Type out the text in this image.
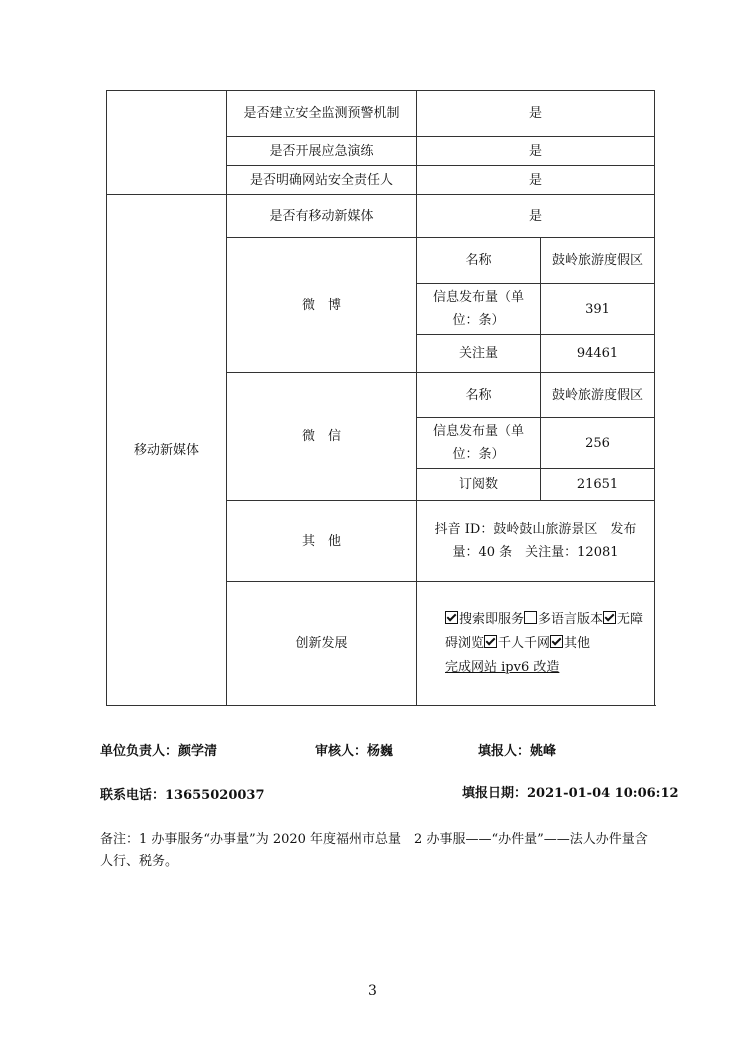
	是否建立安全监测预警机制	是	
	是否开展应急演练	是	
	是否明确网站安全责任人	是	
移动新媒体	是否有移动新媒体	是	
	微　博	名称	鼓岭旅游度假区
		信息发布量（单位：条）	391
		关注量	94461
	微　信	名称	鼓岭旅游度假区
		信息发布量（单位：条）	256
		订阅数	21651
	其　他	抖音 ID：鼓岭鼓山旅游景区　发布量：40 条　关注量：12081	
	创新发展	搜索即服务 多语言版本 无障碍浏览 千人千网 其他
完成网站 ipv6 改造	
单位负责人：颜学清	审核人：杨巍	填报人：姚峰
联系电话：13655020037	填报日期：2021-01-04 10:06:12
备注：1 办事服务“办事量”为 2020 年度福州市总量　2 办事服——“办件量”——法人办件量含人行、税务。
3
